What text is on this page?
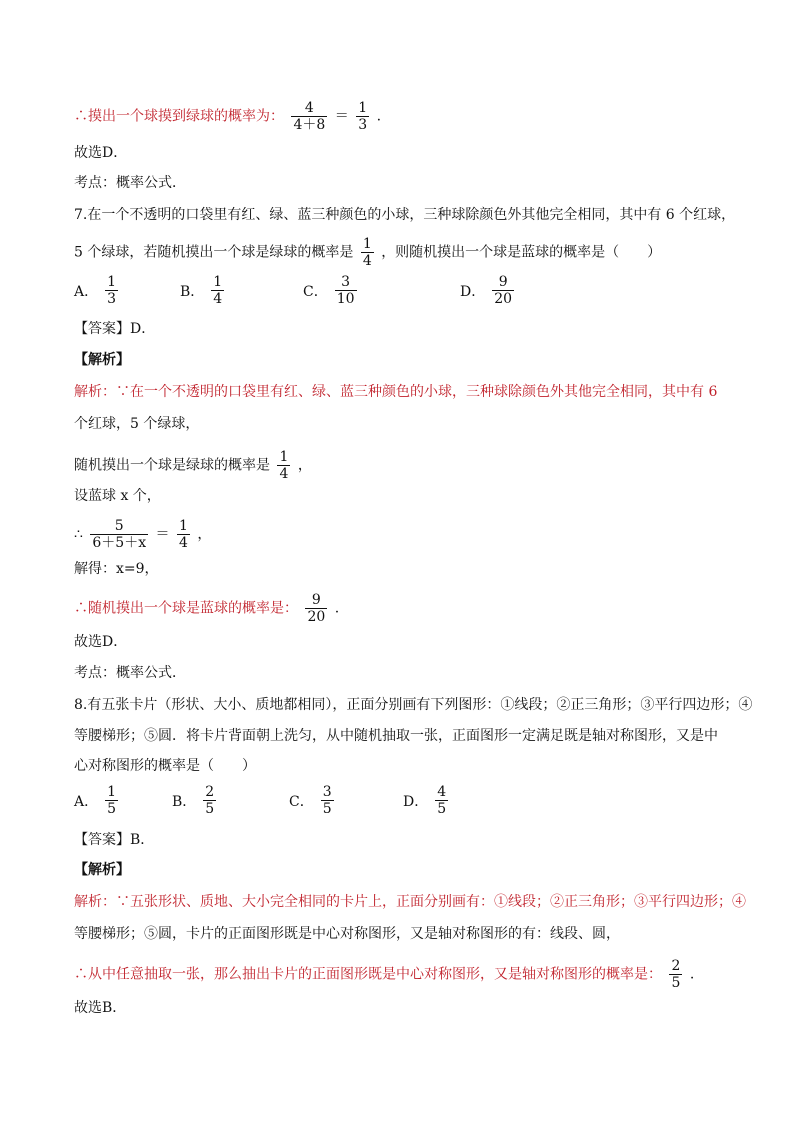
∴摸出一个球摸到绿球的概率为： $\frac{4}{4+8} = \frac{1}{3}$ .
故选D．
考点：概率公式．
7.在一个不透明的口袋里有红、绿、蓝三种颜色的小球，三种球除颜色外其他完全相同，其中有 6 个红球，
5 个绿球，若随机摸出一个球是绿球的概率是 $\frac{1}{4}$ ，则随机摸出一个球是蓝球的概率是（　　）
A． $\frac{1}{3}$	B． $\frac{1}{4}$	C． $\frac{3}{10}$	D． $\frac{9}{20}$
【答案】D．
【解析】
解析：∵在一个不透明的口袋里有红、绿、蓝三种颜色的小球，三种球除颜色外其他完全相同，其中有 6
个红球，5 个绿球，
随机摸出一个球是绿球的概率是 $\frac{1}{4}$ ，
设蓝球 x 个，
∴ $\frac{5}{6+5+x} = \frac{1}{4}$ ，
解得：x=9，
∴随机摸出一个球是蓝球的概率是： $\frac{9}{20}$ .
故选D．
考点：概率公式．
8.有五张卡片（形状、大小、质地都相同），正面分别画有下列图形：①线段；②正三角形；③平行四边形；④
等腰梯形；⑤圆．将卡片背面朝上洗匀，从中随机抽取一张，正面图形一定满足既是轴对称图形，又是中
心对称图形的概率是（　　）
A． $\frac{1}{5}$	B． $\frac{2}{5}$	C． $\frac{3}{5}$	D． $\frac{4}{5}$
【答案】B．
【解析】
解析：∵五张形状、质地、大小完全相同的卡片上，正面分别画有：①线段；②正三角形；③平行四边形；④
等腰梯形；⑤圆，卡片的正面图形既是中心对称图形，又是轴对称图形的有：线段、圆，
∴从中任意抽取一张，那么抽出卡片的正面图形既是中心对称图形，又是轴对称图形的概率是： $\frac{2}{5}$ .
故选B．
